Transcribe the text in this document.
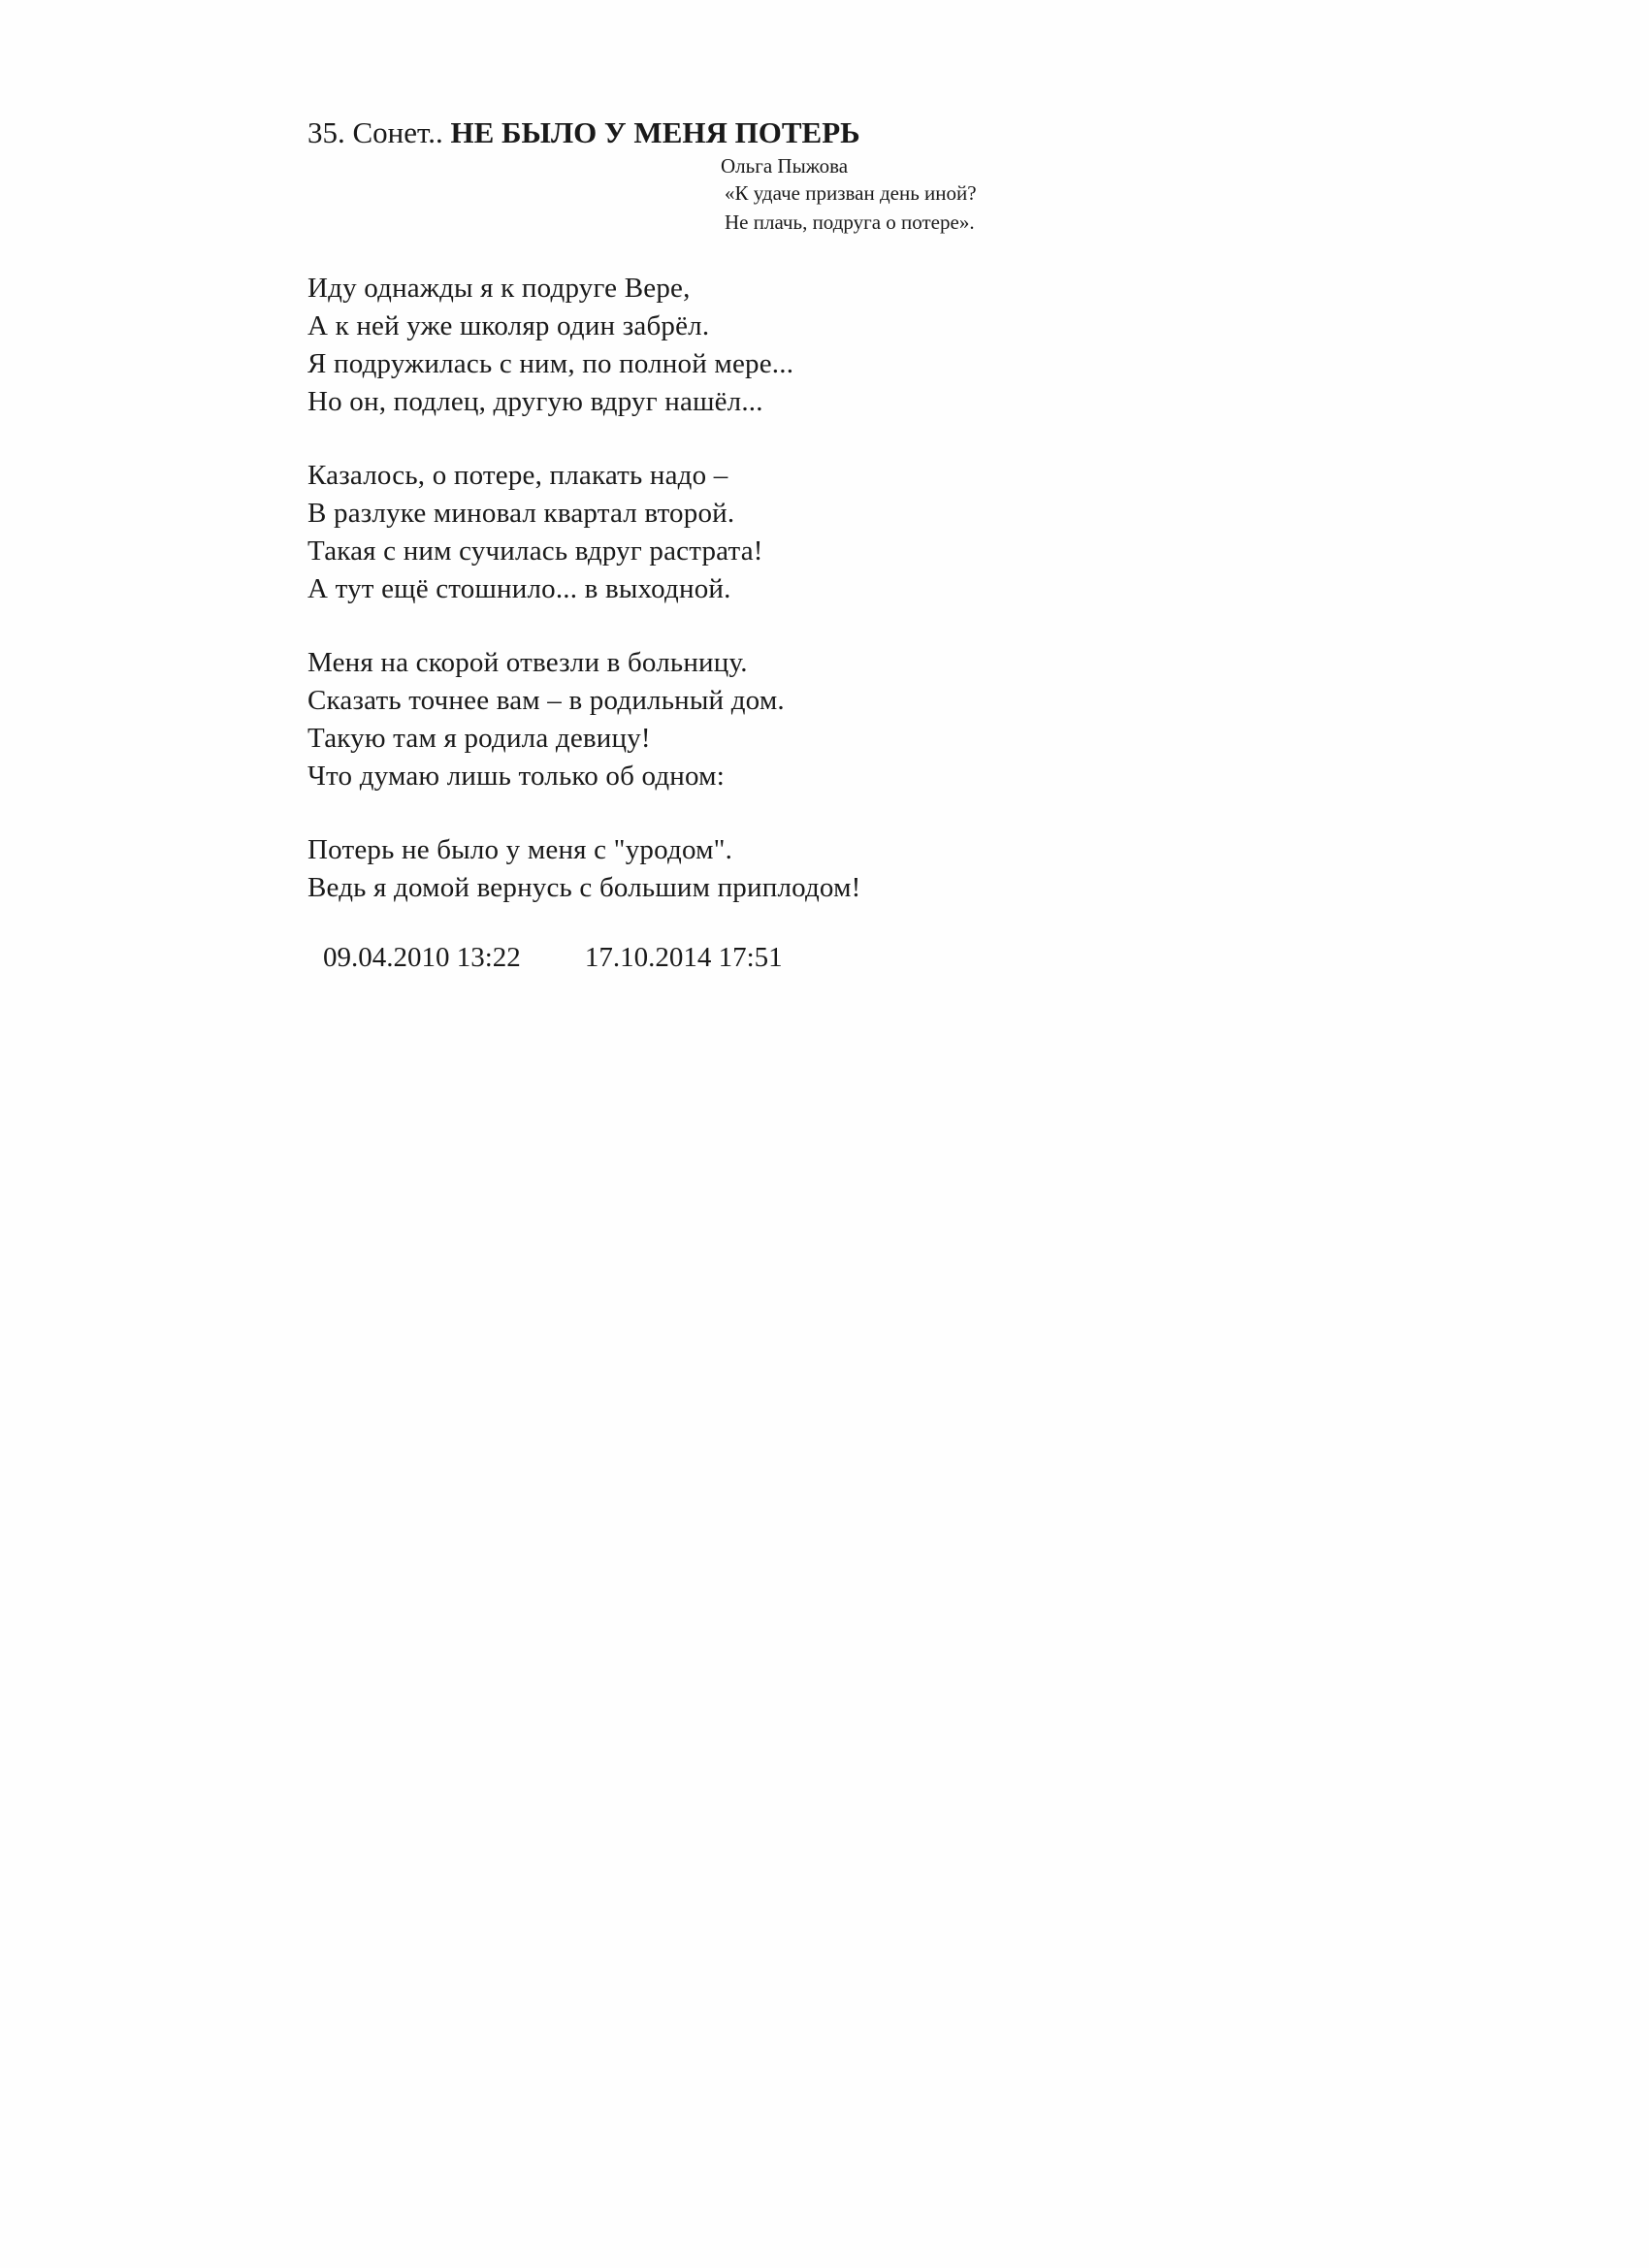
35. Сонет.. НЕ БЫЛО У МЕНЯ ПОТЕРЬ
Ольга Пыжова
«К удаче призван день иной?
Не плачь, подруга о потере».
Иду однажды я к подруге Вере,
А к ней уже школяр один забрёл.
Я подружилась с ним, по полной мере...
Но он, подлец, другую вдруг нашёл...
Казалось, о потере, плакать надо –
В разлуке миновал квартал второй.
Такая с ним сучилась вдруг растрата!
А тут ещё стошнило... в выходной.
Меня на скорой отвезли в больницу.
Сказать точнее вам – в родильный дом.
Такую там я родила девицу!
Что думаю лишь только об одном:
Потерь не было у меня с "уродом".
Ведь я домой вернусь с большим приплодом!
09.04.2010 13:22 17.10.2014 17:51
